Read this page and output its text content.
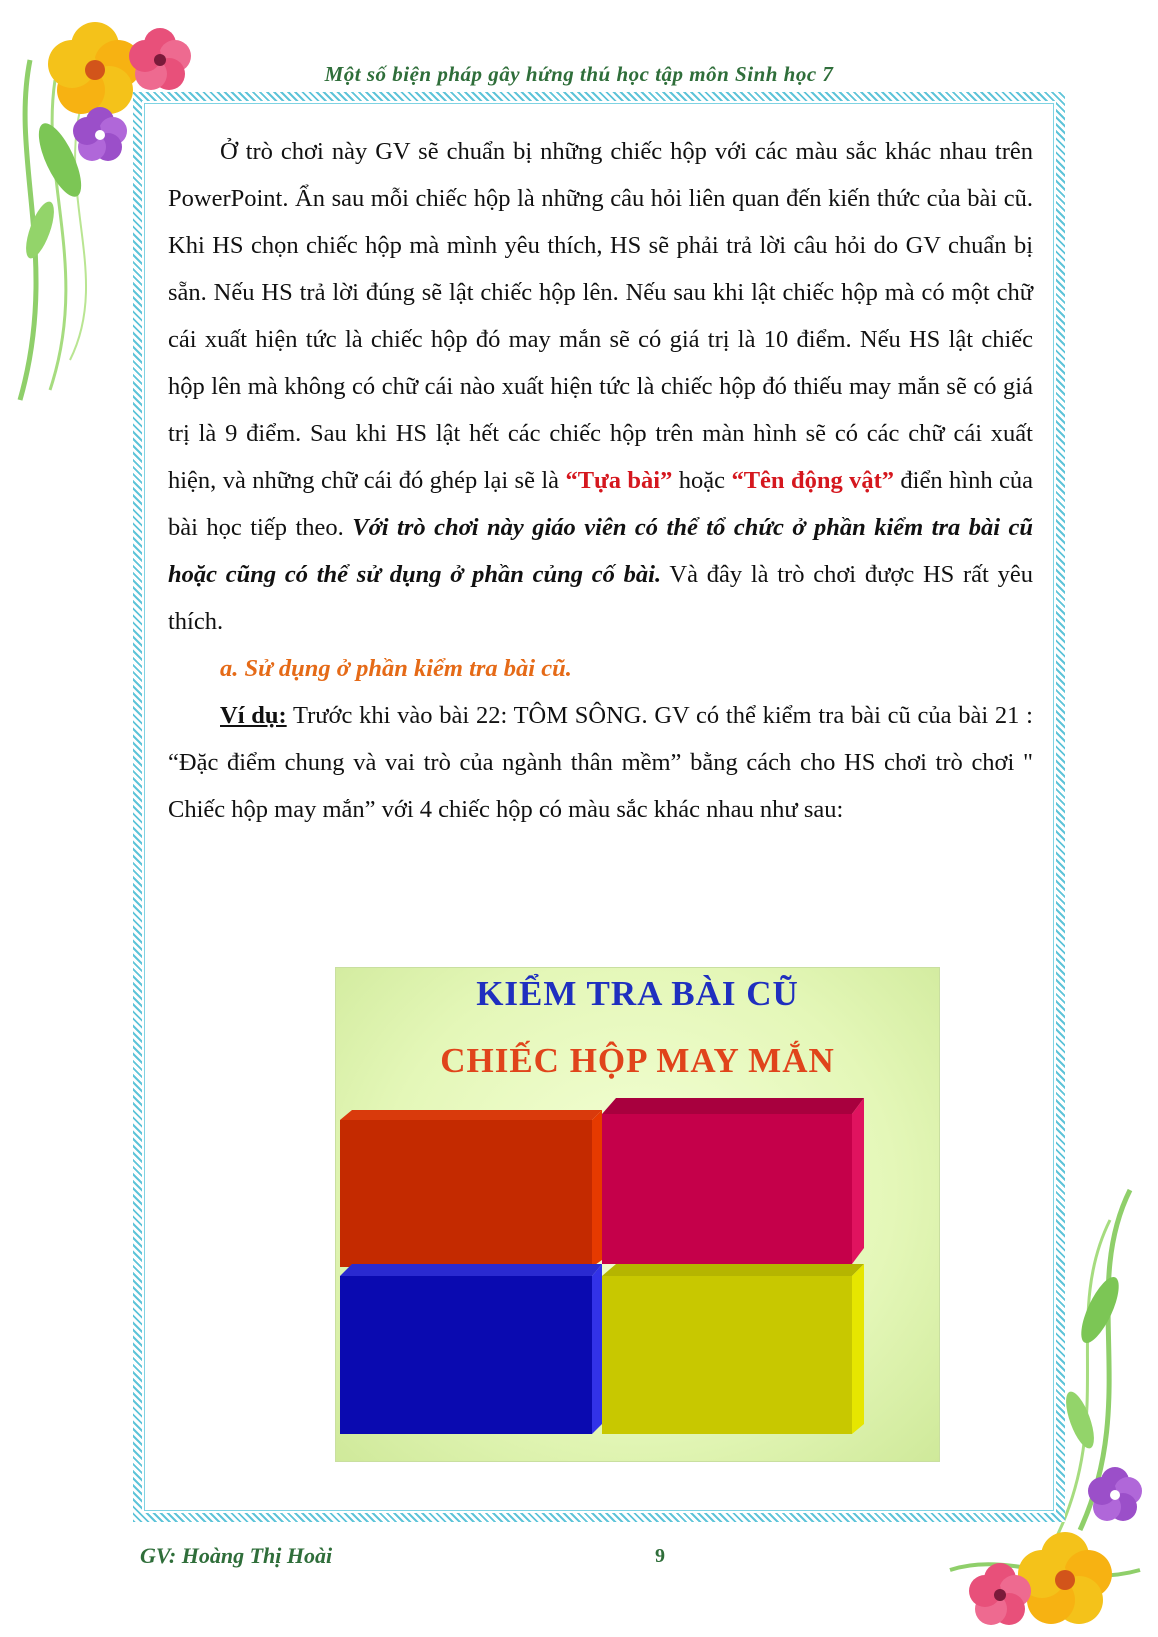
Một số biện pháp gây hứng thú học tập môn Sinh học 7

Ở trò chơi này GV sẽ chuẩn bị những chiếc hộp với các màu sắc khác nhau trên PowerPoint. Ẩn sau mỗi chiếc hộp là những câu hỏi liên quan đến kiến thức của bài cũ. Khi HS chọn chiếc hộp mà mình yêu thích, HS sẽ phải trả lời câu hỏi do GV chuẩn bị sẵn. Nếu HS trả lời đúng sẽ lật chiếc hộp lên. Nếu sau khi lật chiếc hộp mà có một chữ cái xuất hiện tức là chiếc hộp đó may mắn sẽ có giá trị là 10 điểm. Nếu HS lật chiếc hộp lên mà không có chữ cái nào xuất hiện tức là chiếc hộp đó thiếu may mắn sẽ có giá trị là 9 điểm. Sau khi HS lật hết các chiếc hộp trên màn hình sẽ có các chữ cái xuất hiện, và những chữ cái đó ghép lại sẽ là “Tựa bài” hoặc “Tên động vật” điển hình của bài học tiếp theo. Với trò chơi này giáo viên có thể tổ chức ở phần kiểm tra bài cũ hoặc cũng có thể sử dụng ở phần củng cố bài. Và đây là trò chơi được HS rất yêu thích.

a. Sử dụng ở phần kiểm tra bài cũ.

Ví dụ: Trước khi vào bài 22: TÔM SÔNG. GV có thể kiểm tra bài cũ của bài 21 : “Đặc điểm chung và vai trò của ngành thân mềm” bằng cách cho HS chơi trò chơi " Chiếc hộp may mắn” với 4 chiếc hộp có màu sắc khác nhau như sau:

KIỂM TRA BÀI CŨ
CHIẾC HỘP MAY MẮN
GV: Hoàng Thị Hoài	9
